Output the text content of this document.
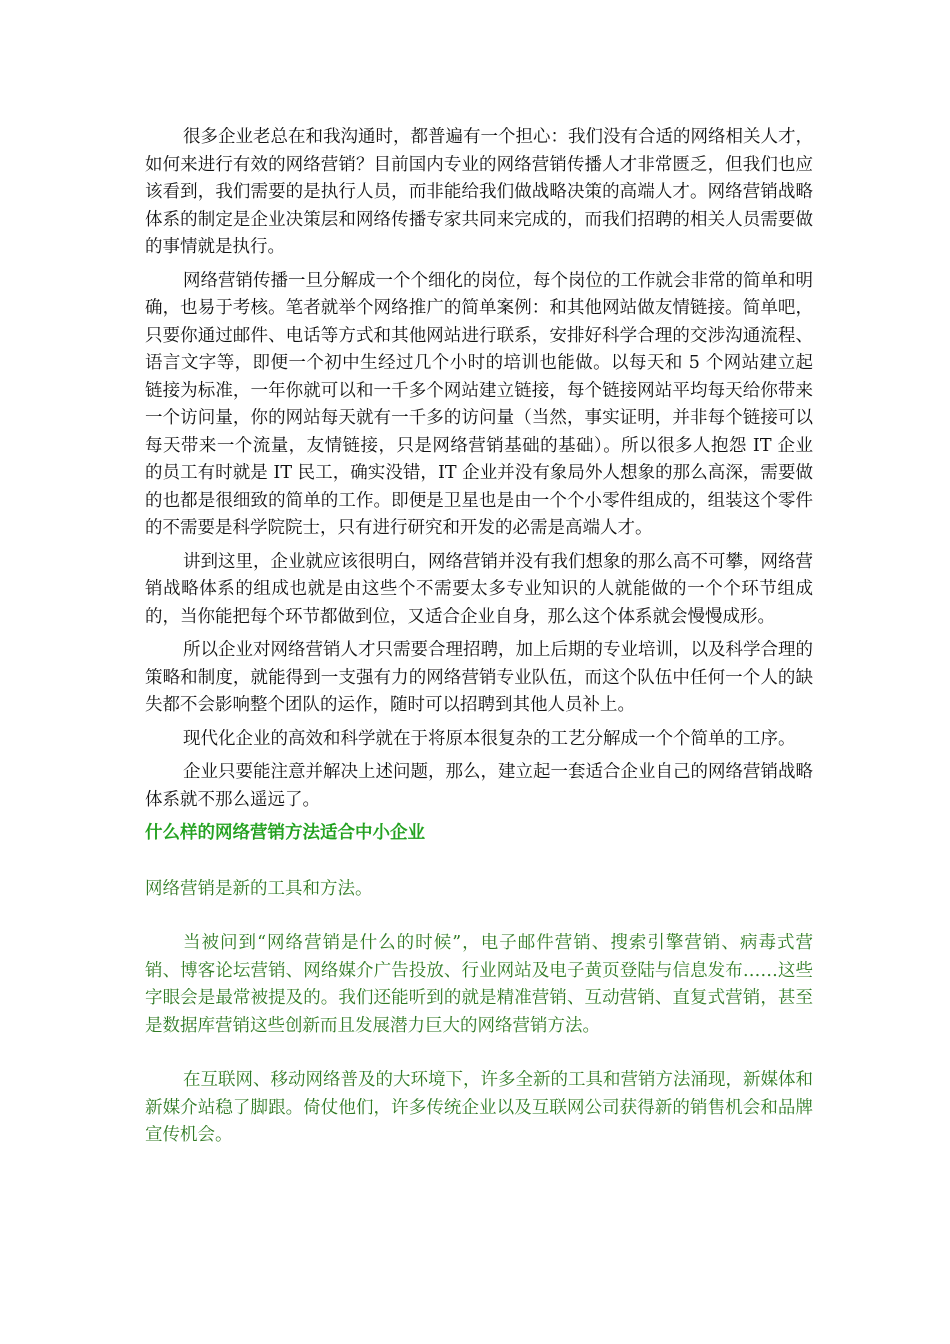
很多企业老总在和我沟通时，都普遍有一个担心：我们没有合适的网络相关人才，如何来进行有效的网络营销？目前国内专业的网络营销传播人才非常匮乏，但我们也应该看到，我们需要的是执行人员，而非能给我们做战略决策的高端人才。网络营销战略体系的制定是企业决策层和网络传播专家共同来完成的，而我们招聘的相关人员需要做的事情就是执行。

网络营销传播一旦分解成一个个细化的岗位，每个岗位的工作就会非常的简单和明确，也易于考核。笔者就举个网络推广的简单案例：和其他网站做友情链接。简单吧，只要你通过邮件、电话等方式和其他网站进行联系，安排好科学合理的交涉沟通流程、语言文字等，即便一个初中生经过几个小时的培训也能做。以每天和 5 个网站建立起链接为标准，一年你就可以和一千多个网站建立链接，每个链接网站平均每天给你带来一个访问量，你的网站每天就有一千多的访问量（当然，事实证明，并非每个链接可以每天带来一个流量，友情链接，只是网络营销基础的基础）。所以很多人抱怨 IT 企业的员工有时就是 IT 民工，确实没错，IT 企业并没有象局外人想象的那么高深，需要做的也都是很细致的简单的工作。即便是卫星也是由一个个小零件组成的，组装这个零件的不需要是科学院院士，只有进行研究和开发的必需是高端人才。

讲到这里，企业就应该很明白，网络营销并没有我们想象的那么高不可攀，网络营销战略体系的组成也就是由这些个不需要太多专业知识的人就能做的一个个环节组成的，当你能把每个环节都做到位，又适合企业自身，那么这个体系就会慢慢成形。

所以企业对网络营销人才只需要合理招聘，加上后期的专业培训，以及科学合理的策略和制度，就能得到一支强有力的网络营销专业队伍，而这个队伍中任何一个人的缺失都不会影响整个团队的运作，随时可以招聘到其他人员补上。

现代化企业的高效和科学就在于将原本很复杂的工艺分解成一个个简单的工序。

企业只要能注意并解决上述问题，那么，建立起一套适合企业自己的网络营销战略体系就不那么遥远了。

什么样的网络营销方法适合中小企业

网络营销是新的工具和方法。

当被问到“网络营销是什么的时候”，电子邮件营销、搜索引擎营销、病毒式营销、博客论坛营销、网络媒介广告投放、行业网站及电子黄页登陆与信息发布……这些字眼会是最常被提及的。我们还能听到的就是精准营销、互动营销、直复式营销，甚至是数据库营销这些创新而且发展潜力巨大的网络营销方法。

在互联网、移动网络普及的大环境下，许多全新的工具和营销方法涌现，新媒体和新媒介站稳了脚跟。倚仗他们，许多传统企业以及互联网公司获得新的销售机会和品牌宣传机会。
